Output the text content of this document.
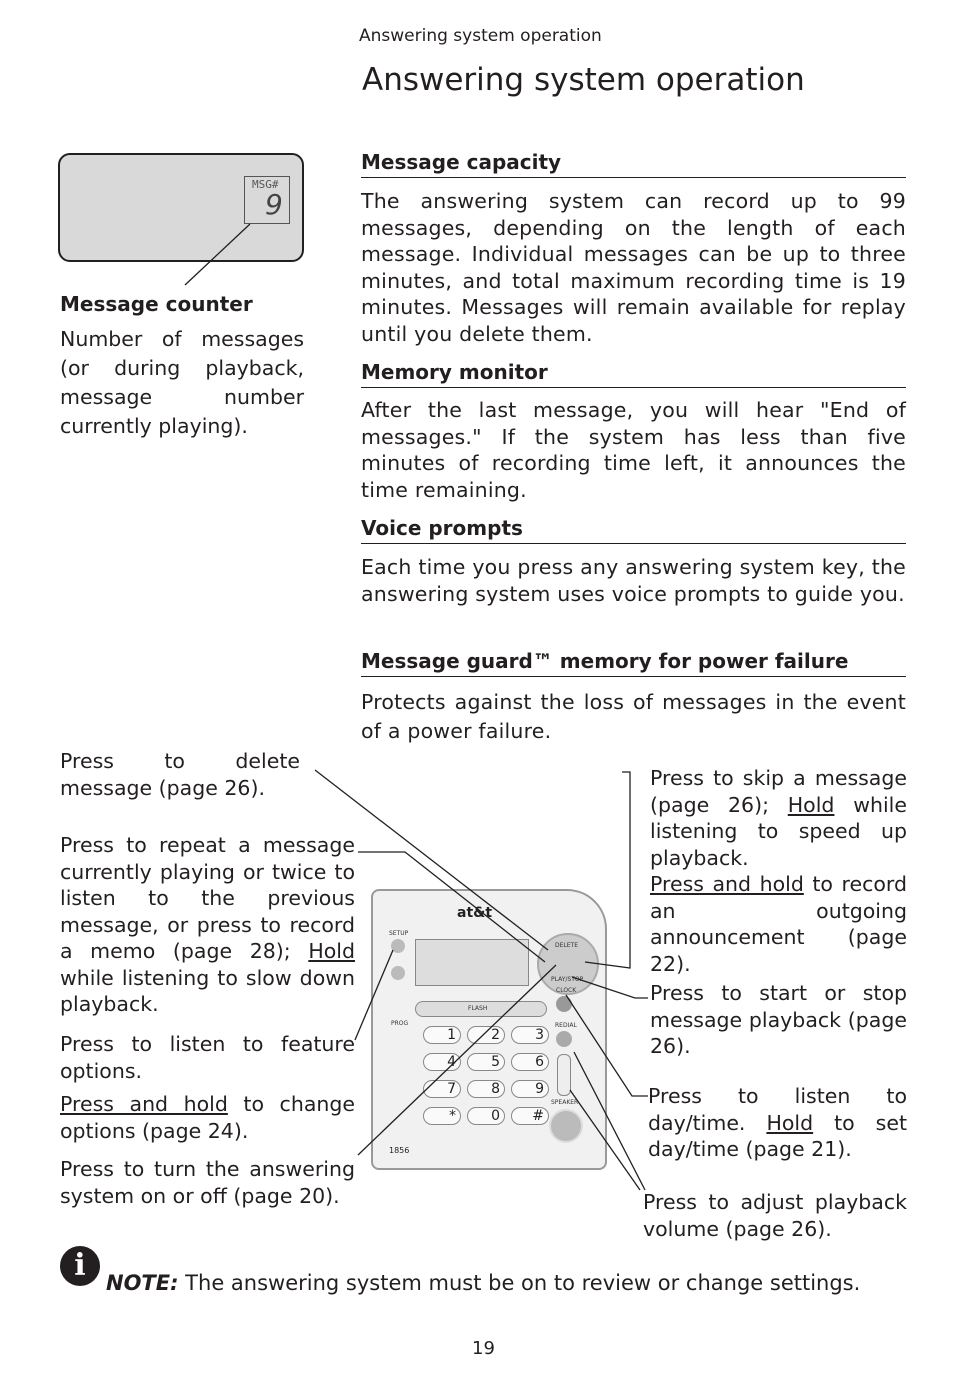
Answering system operation
Answering system operation
MSG#
9
Message counter
Number of messages (or during playback, message number currently playing).
Message capacity
The answering system can record up to 99 messages, depending on the length of each message. Individual messages can be up to three minutes, and total maximum recording time is 19 minutes. Messages will remain available for replay until you delete them.
Memory monitor
After the last message, you will hear "End of messages." If the system has less than five minutes of recording time left, it announces the time remaining.
Voice prompts
Each time you press any answering system key, the answering system uses voice prompts to guide you.
Message guard™ memory for power failure
Protects against the loss of messages in the event of a power failure.
Press to delete message (page 26).
Press to repeat a message currently playing or twice to listen to the previous message, or press to record a memo (page 28); Hold while listening to slow down playback.
Press to listen to feature options.
Press and hold to change options (page 24).
Press to turn the answering system on or off (page 20).
Press to skip a message (page 26); Hold while listening to speed up playback.
Press and hold to record an outgoing announcement (page 22).
Press to start or stop message playback (page 26).
Press to listen to day/time. Hold to set day/time (page 21).
Press to adjust playback volume (page 26).
at&t
DELETE
PLAY/STOP
SETUP
FLASH
PROG
CLOCK
REDIAL
SPEAKER
1	2	3
4	5	6
7	8	9
*	0	#
1856
i NOTE: The answering system must be on to review or change settings.
19
